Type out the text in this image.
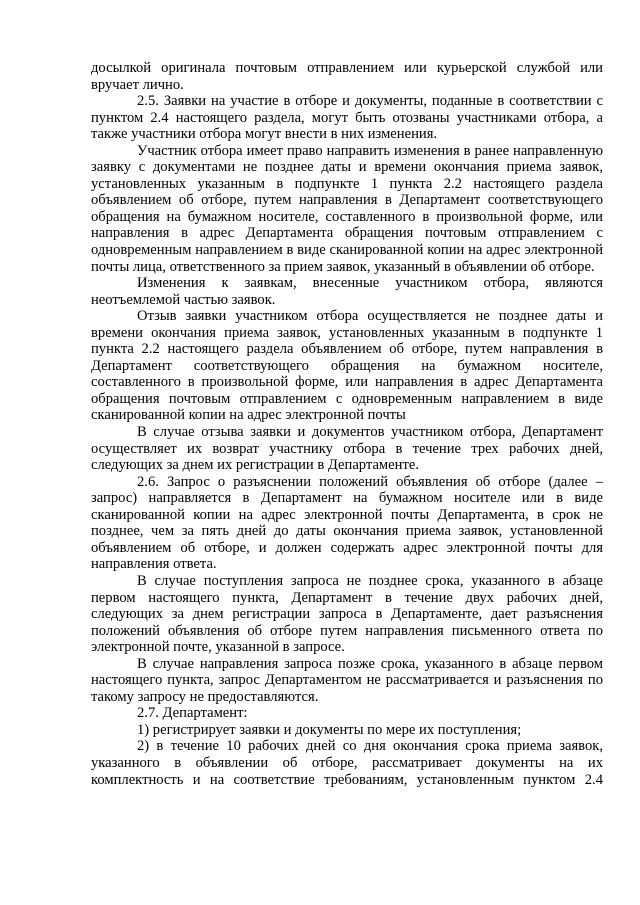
досылкой оригинала почтовым отправлением или курьерской службой или вручает лично.

2.5. Заявки на участие в отборе и документы, поданные в соответствии с пунктом 2.4 настоящего раздела, могут быть отозваны участниками отбора, а также участники отбора могут внести в них изменения.

Участник отбора имеет право направить изменения в ранее направленную заявку с документами не позднее даты и времени окончания приема заявок, установленных указанным в подпункте 1 пункта 2.2 настоящего раздела объявлением об отборе, путем направления в Департамент соответствующего обращения на бумажном носителе, составленного в произвольной форме, или направления в адрес Департамента обращения почтовым отправлением с одновременным направлением в виде сканированной копии на адрес электронной почты лица, ответственного за прием заявок, указанный в объявлении об отборе.

Изменения к заявкам, внесенные участником отбора, являются неотъемлемой частью заявок.

Отзыв заявки участником отбора осуществляется не позднее даты и времени окончания приема заявок, установленных указанным в подпункте 1 пункта 2.2 настоящего раздела объявлением об отборе, путем направления в Департамент соответствующего обращения на бумажном носителе, составленного в произвольной форме, или направления в адрес Департамента обращения почтовым отправлением с одновременным направлением в виде сканированной копии на адрес электронной почты

В случае отзыва заявки и документов участником отбора, Департамент осуществляет их возврат участнику отбора в течение трех рабочих дней, следующих за днем их регистрации в Департаменте.

2.6. Запрос о разъяснении положений объявления об отборе (далее – запрос) направляется в Департамент на бумажном носителе или в виде сканированной копии на адрес электронной почты Департамента, в срок не позднее, чем за пять дней до даты окончания приема заявок, установленной объявлением об отборе, и должен содержать адрес электронной почты для направления ответа.

В случае поступления запроса не позднее срока, указанного в абзаце первом настоящего пункта, Департамент в течение двух рабочих дней, следующих за днем регистрации запроса в Департаменте, дает разъяснения положений объявления об отборе путем направления письменного ответа по электронной почте, указанной в запросе.

В случае направления запроса позже срока, указанного в абзаце первом настоящего пункта, запрос Департаментом не рассматривается и разъяснения по такому запросу не предоставляются.

2.7. Департамент:

1) регистрирует заявки и документы по мере их поступления;

2) в течение 10 рабочих дней со дня окончания срока приема заявок, указанного в объявлении об отборе, рассматривает документы на их комплектность и на соответствие требованиям, установленным пунктом 2.4
